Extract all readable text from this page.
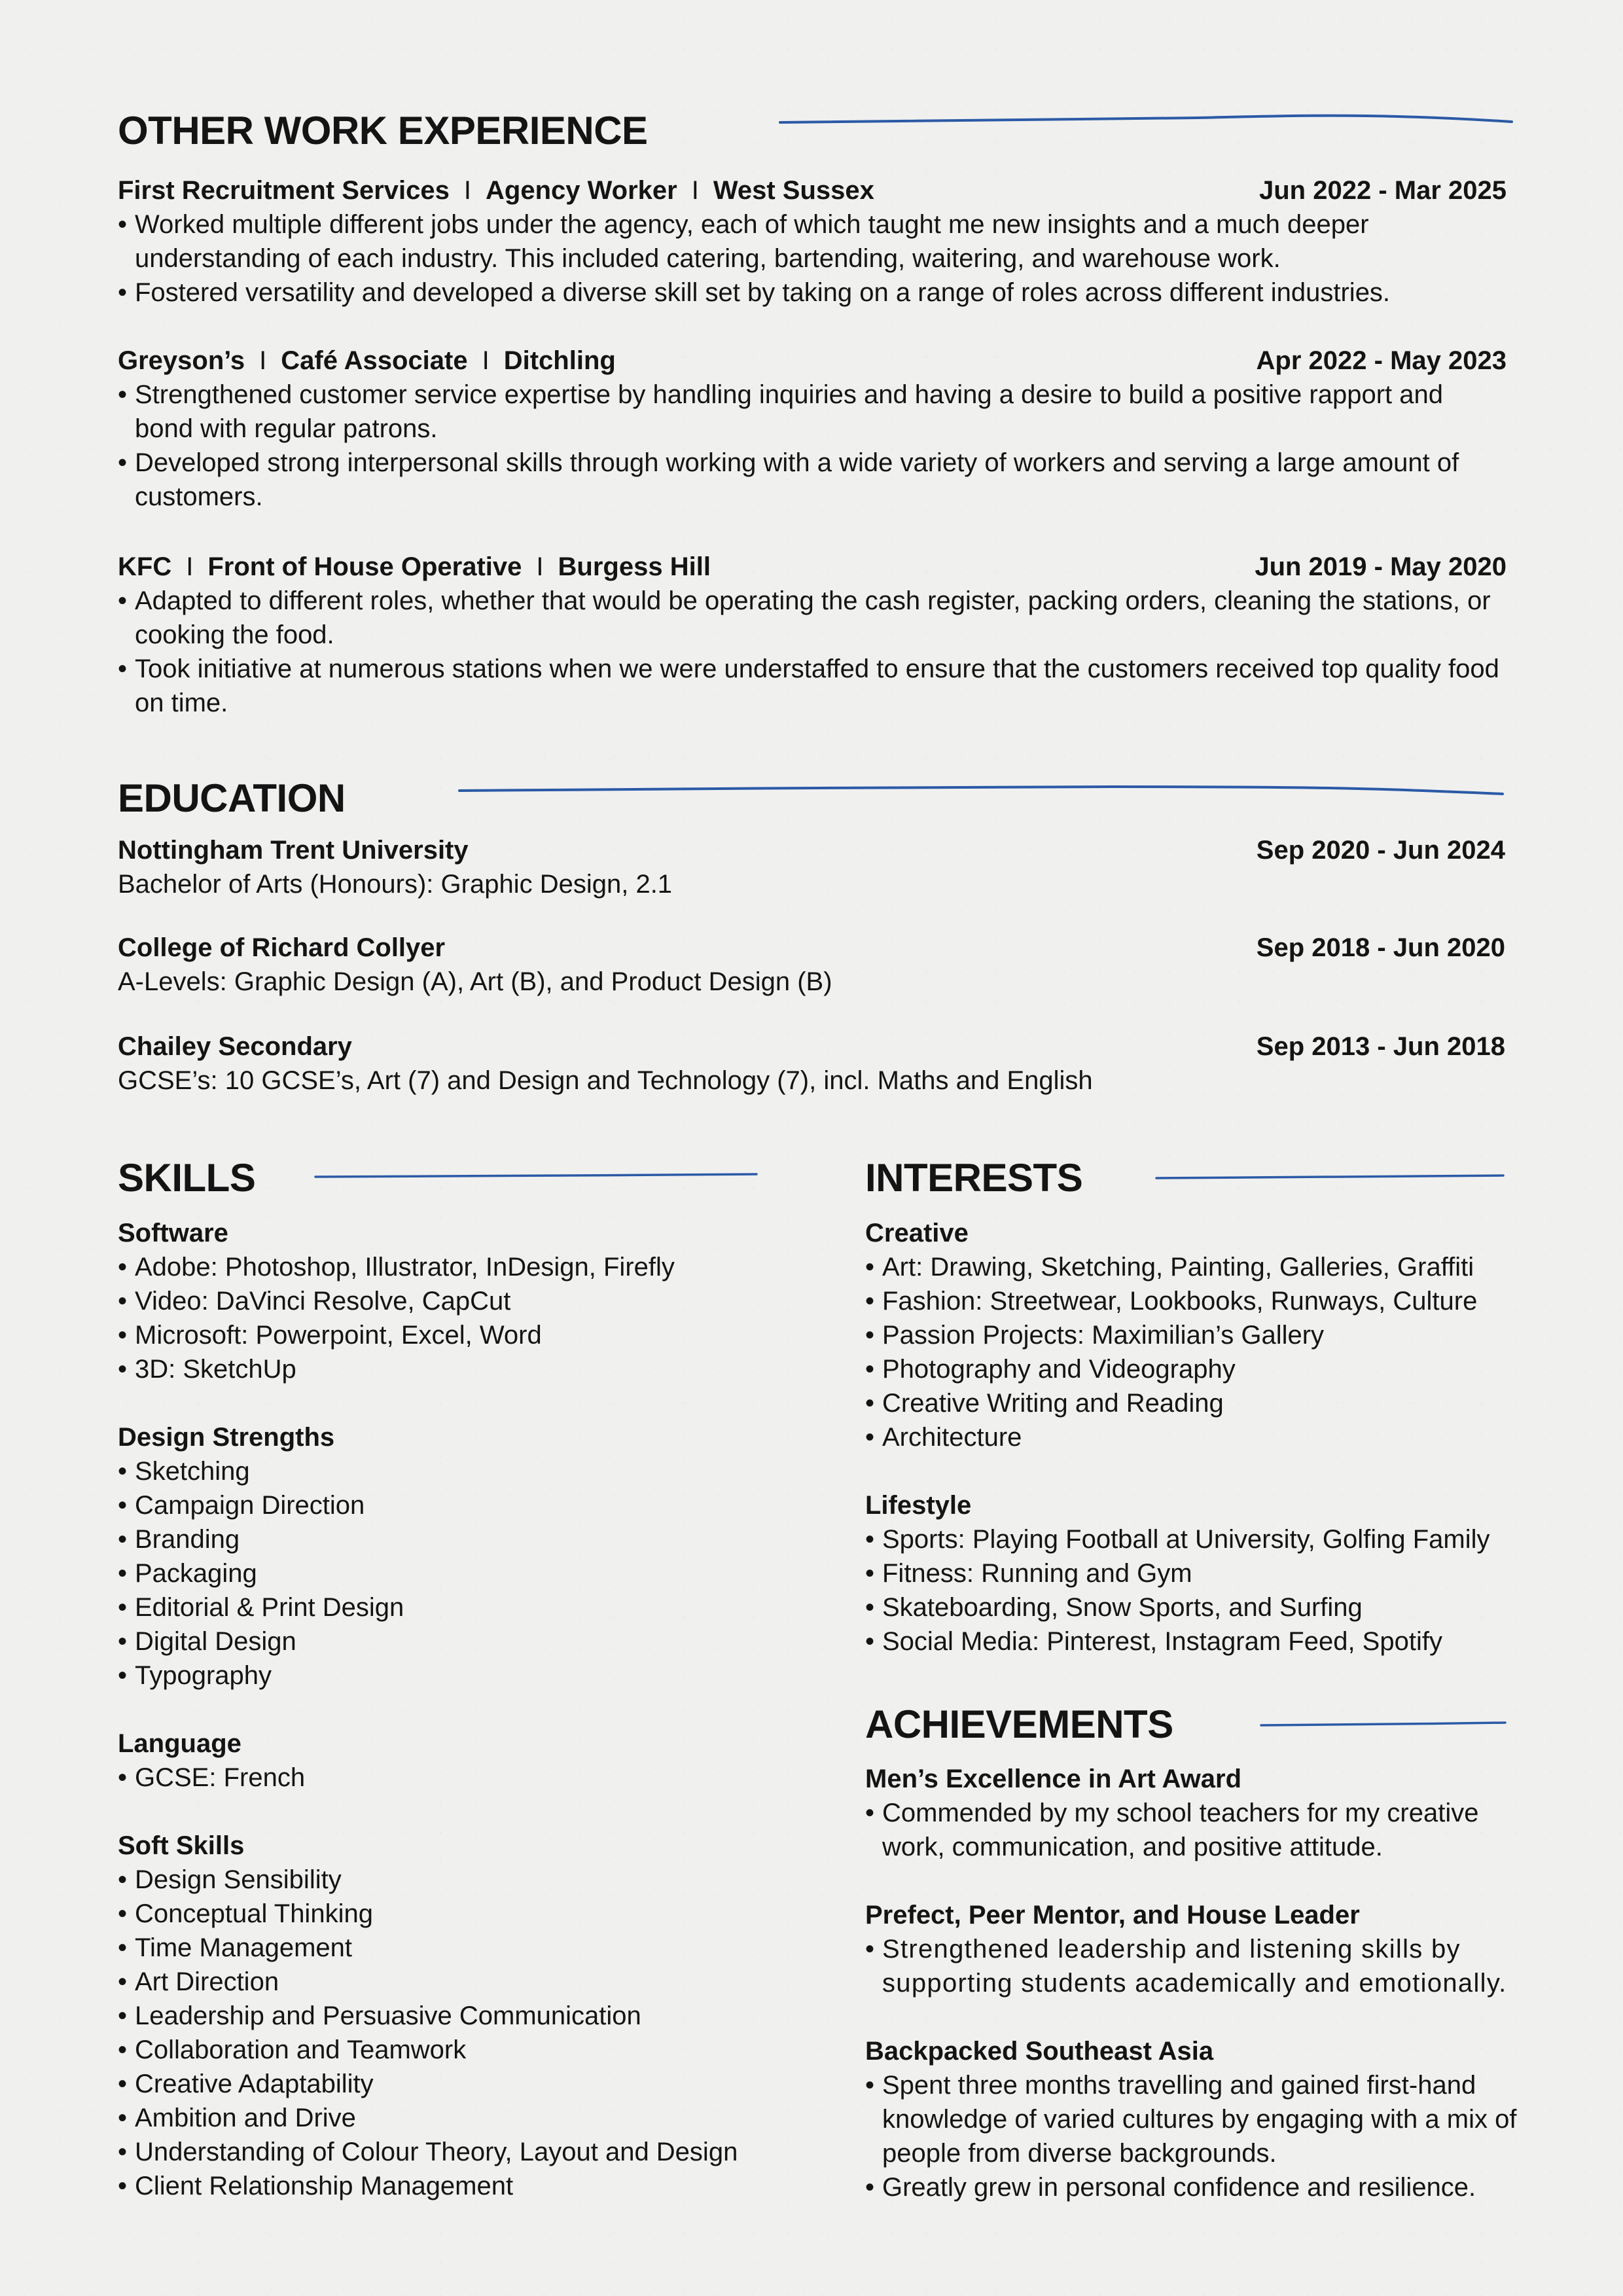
OTHER WORK EXPERIENCE
First Recruitment Services I Agency Worker I West Sussex	Jun 2022 - Mar 2025
• Worked multiple different jobs under the agency, each of which taught me new insights and a much deeper understanding of each industry. This included catering, bartending, waitering, and warehouse work.
• Fostered versatility and developed a diverse skill set by taking on a range of roles across different industries.
Greyson’s I Café Associate I Ditchling	Apr 2022 - May 2023
• Strengthened customer service expertise by handling inquiries and having a desire to build a positive rapport and bond with regular patrons.
• Developed strong interpersonal skills through working with a wide variety of workers and serving a large amount of customers.
KFC I Front of House Operative I Burgess Hill	Jun 2019 - May 2020
• Adapted to different roles, whether that would be operating the cash register, packing orders, cleaning the stations, or cooking the food.
• Took initiative at numerous stations when we were understaffed to ensure that the customers received top quality food on time.
EDUCATION
Nottingham Trent University	Sep 2020 - Jun 2024
Bachelor of Arts (Honours): Graphic Design, 2.1
College of Richard Collyer	Sep 2018 - Jun 2020
A-Levels: Graphic Design (A), Art (B), and Product Design (B)
Chailey Secondary	Sep 2013 - Jun 2018
GCSE’s: 10 GCSE’s, Art (7) and Design and Technology (7), incl. Maths and English
SKILLS
Software
• Adobe: Photoshop, Illustrator, InDesign, Firefly
• Video: DaVinci Resolve, CapCut
• Microsoft: Powerpoint, Excel, Word
• 3D: SketchUp
Design Strengths
• Sketching
• Campaign Direction
• Branding
• Packaging
• Editorial & Print Design
• Digital Design
• Typography
Language
• GCSE: French
Soft Skills
• Design Sensibility
• Conceptual Thinking
• Time Management
• Art Direction
• Leadership and Persuasive Communication
• Collaboration and Teamwork
• Creative Adaptability
• Ambition and Drive
• Understanding of Colour Theory, Layout and Design
• Client Relationship Management
INTERESTS
Creative
• Art: Drawing, Sketching, Painting, Galleries, Graffiti
• Fashion: Streetwear, Lookbooks, Runways, Culture
• Passion Projects: Maximilian’s Gallery
• Photography and Videography
• Creative Writing and Reading
• Architecture
Lifestyle
• Sports: Playing Football at University, Golfing Family
• Fitness: Running and Gym
• Skateboarding, Snow Sports, and Surfing
• Social Media: Pinterest, Instagram Feed, Spotify
ACHIEVEMENTS
Men’s Excellence in Art Award
• Commended by my school teachers for my creative work, communication, and positive attitude.
Prefect, Peer Mentor, and House Leader
• Strengthened leadership and listening skills by supporting students academically and emotionally.
Backpacked Southeast Asia
• Spent three months travelling and gained first-hand knowledge of varied cultures by engaging with a mix of people from diverse backgrounds.
• Greatly grew in personal confidence and resilience.
